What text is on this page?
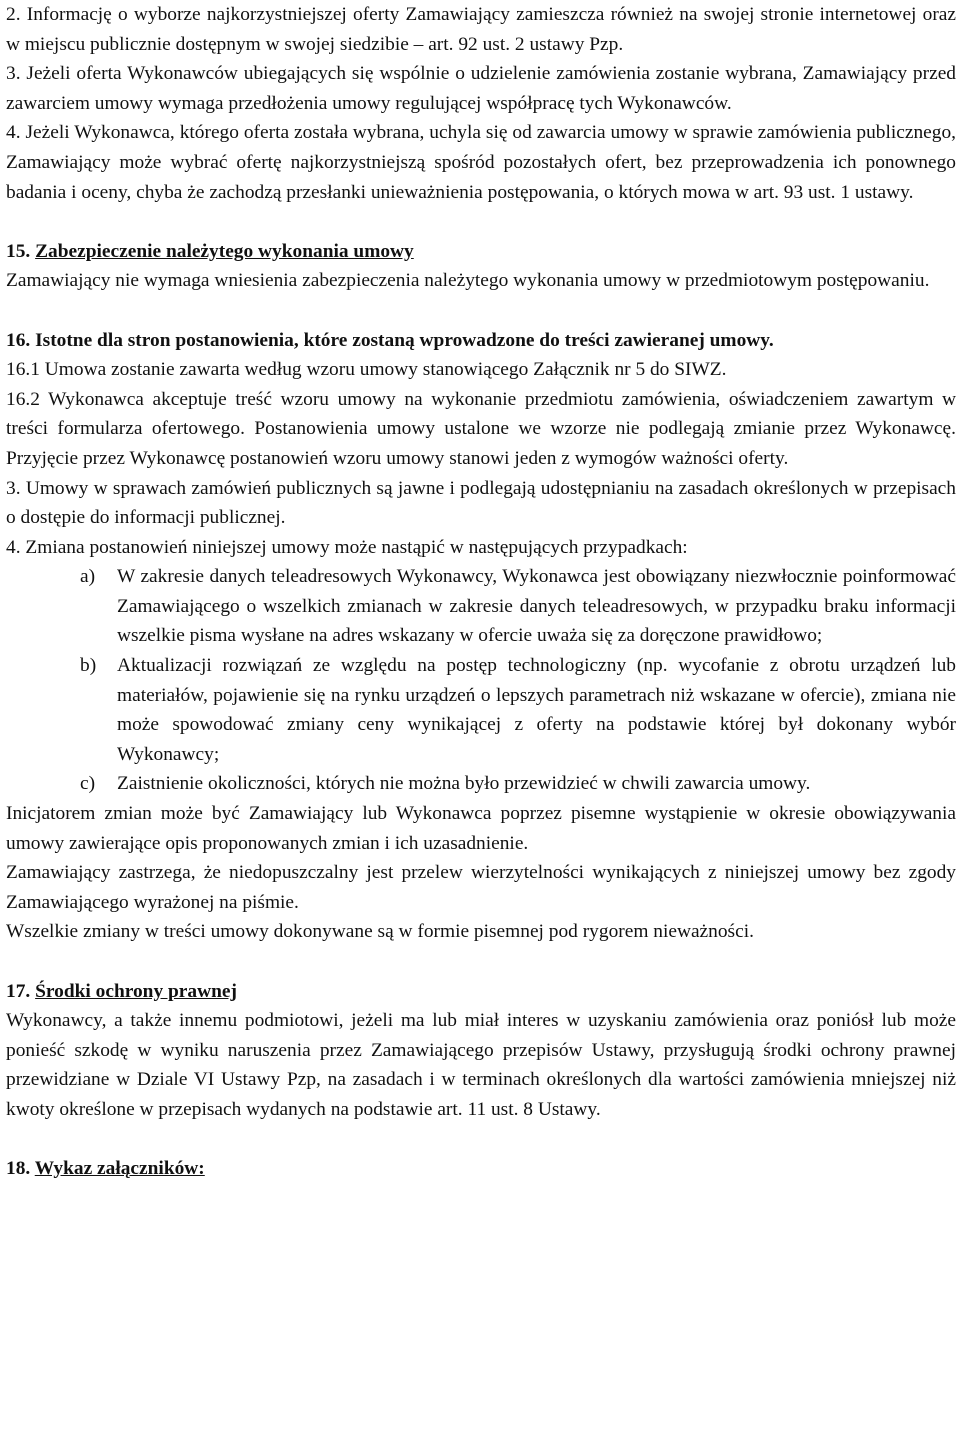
2. Informację o wyborze najkorzystniejszej oferty Zamawiający zamieszcza również na swojej stronie internetowej oraz w miejscu publicznie dostępnym w swojej siedzibie – art. 92 ust. 2 ustawy Pzp.

3. Jeżeli oferta Wykonawców ubiegających się wspólnie o udzielenie zamówienia zostanie wybrana, Zamawiający przed zawarciem umowy wymaga przedłożenia umowy regulującej współpracę tych Wykonawców.

4. Jeżeli Wykonawca, którego oferta została wybrana, uchyla się od zawarcia umowy w sprawie zamówienia publicznego, Zamawiający może wybrać ofertę najkorzystniejszą spośród pozostałych ofert, bez przeprowadzenia ich ponownego badania i oceny, chyba że zachodzą przesłanki unieważnienia postępowania, o których mowa w art. 93 ust. 1 ustawy.

15. Zabezpieczenie należytego wykonania umowy

Zamawiający nie wymaga wniesienia zabezpieczenia należytego wykonania umowy w przedmiotowym postępowaniu.

16. Istotne dla stron postanowienia, które zostaną wprowadzone do treści zawieranej umowy.

16.1 Umowa zostanie zawarta według wzoru umowy stanowiącego Załącznik nr 5 do SIWZ.

16.2 Wykonawca akceptuje treść wzoru umowy na wykonanie przedmiotu zamówienia, oświadczeniem zawartym w treści formularza ofertowego. Postanowienia umowy ustalone we wzorze nie podlegają zmianie przez Wykonawcę. Przyjęcie przez Wykonawcę postanowień wzoru umowy stanowi jeden z wymogów ważności oferty.

3. Umowy w sprawach zamówień publicznych są jawne i podlegają udostępnianiu na zasadach określonych w przepisach o dostępie do informacji publicznej.

4. Zmiana postanowień niniejszej umowy może nastąpić w następujących przypadkach:

a) W zakresie danych teleadresowych Wykonawcy, Wykonawca jest obowiązany niezwłocznie poinformować Zamawiającego o wszelkich zmianach w zakresie danych teleadresowych, w przypadku braku informacji wszelkie pisma wysłane na adres wskazany w ofercie uważa się za doręczone prawidłowo;
b) Aktualizacji rozwiązań ze względu na postęp technologiczny (np. wycofanie z obrotu urządzeń lub materiałów, pojawienie się na rynku urządzeń o lepszych parametrach niż wskazane w ofercie), zmiana nie może spowodować zmiany ceny wynikającej z oferty na podstawie której był dokonany wybór Wykonawcy;
c) Zaistnienie okoliczności, których nie można było przewidzieć w chwili zawarcia umowy.

Inicjatorem zmian może być Zamawiający lub Wykonawca poprzez pisemne wystąpienie w okresie obowiązywania umowy zawierające opis proponowanych zmian i ich uzasadnienie.

Zamawiający zastrzega, że niedopuszczalny jest przelew wierzytelności wynikających z niniejszej umowy bez zgody Zamawiającego wyrażonej na piśmie.

Wszelkie zmiany w treści umowy dokonywane są w formie pisemnej pod rygorem nieważności.

17. Środki ochrony prawnej

Wykonawcy, a także innemu podmiotowi, jeżeli ma lub miał interes w uzyskaniu zamówienia oraz poniósł lub może ponieść szkodę w wyniku naruszenia przez Zamawiającego przepisów Ustawy, przysługują środki ochrony prawnej przewidziane w Dziale VI Ustawy Pzp, na zasadach i w terminach określonych dla wartości zamówienia mniejszej niż kwoty określone w przepisach wydanych na podstawie art. 11 ust. 8 Ustawy.

18. Wykaz załączników:
